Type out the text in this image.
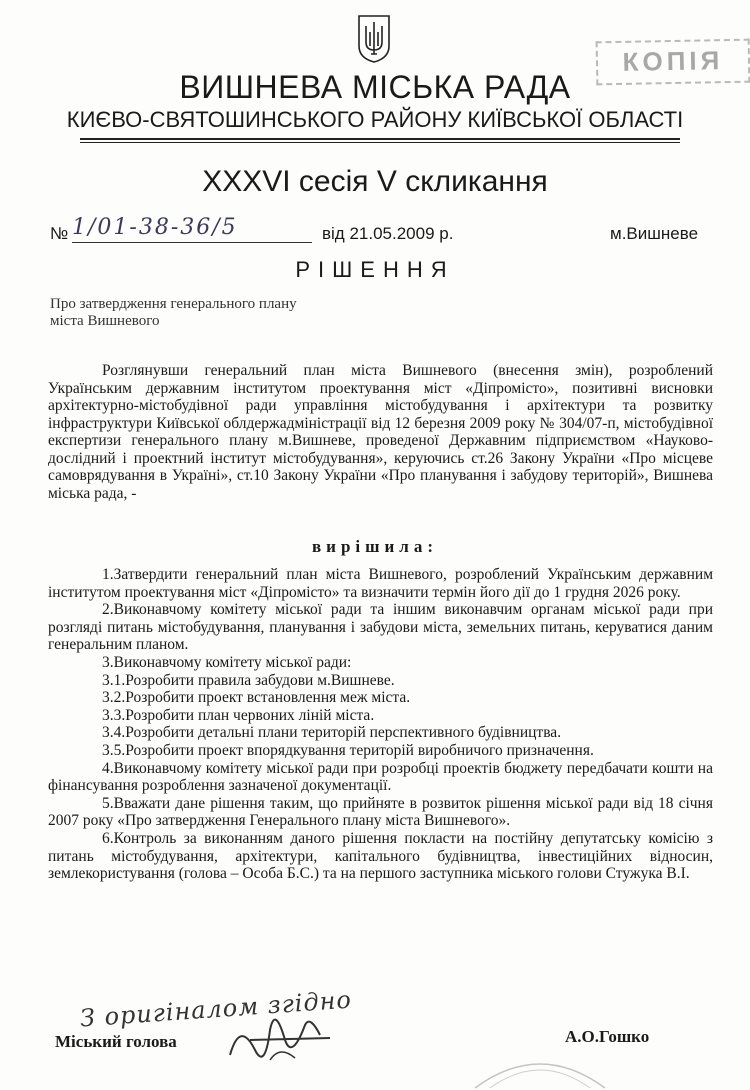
КОПІЯ
ВИШНЕВА МІСЬКА РАДА
КИЄВО-СВЯТОШИНСЬКОГО РАЙОНУ КИЇВСЬКОЇ ОБЛАСТІ
XXXVI сесія V скликання
№ 1/01-38-36/5	від 21.05.2009 р.	м.Вишневе
РІШЕННЯ
Про затвердження генерального плану
міста Вишневого

Розглянувши генеральний план міста Вишневого (внесення змін), розроблений Українським державним інститутом проектування міст «Діпромісто», позитивні висновки архітектурно-містобудівної ради управління містобудування і архітектури та розвитку інфраструктури Київської облдержадміністрації від 12 березня 2009 року № 304/07-п, містобудівної експертизи генерального плану м.Вишневе, проведеної Державним підприємством «Науково-дослідний і проектний інститут містобудування», керуючись ст.26 Закону України «Про місцеве самоврядування в Україні», ст.10 Закону України «Про планування і забудову територій», Вишнева міська рада, -

вирішила:

1.Затвердити генеральний план міста Вишневого, розроблений Українським державним інститутом проектування міст «Діпромісто» та визначити термін його дії до 1 грудня 2026 року.

2.Виконавчому комітету міської ради та іншим виконавчим органам міської ради при розгляді питань містобудування, планування і забудови міста, земельних питань, керуватися даним генеральним планом.

3.Виконавчому комітету міської ради:

3.1.Розробити правила забудови м.Вишневе.

3.2.Розробити проект встановлення меж міста.

3.3.Розробити план червоних ліній міста.

3.4.Розробити детальні плани територій перспективного будівництва.

3.5.Розробити проект впорядкування територій виробничого призначення.

4.Виконавчому комітету міської ради при розробці проектів бюджету передбачати кошти на фінансування розроблення зазначеної документації.

5.Вважати дане рішення таким, що прийняте в розвиток рішення міської ради від 18 січня 2007 року «Про затвердження Генерального плану міста Вишневого».

6.Контроль за виконанням даного рішення покласти на постійну депутатську комісію з питань містобудування, архітектури, капітального будівництва, інвестиційних відносин, землекористування (голова – Особа Б.С.) та на першого заступника міського голови Стужука В.І.

З оригіналом згідно
Міський голова	А.О.Гошко
